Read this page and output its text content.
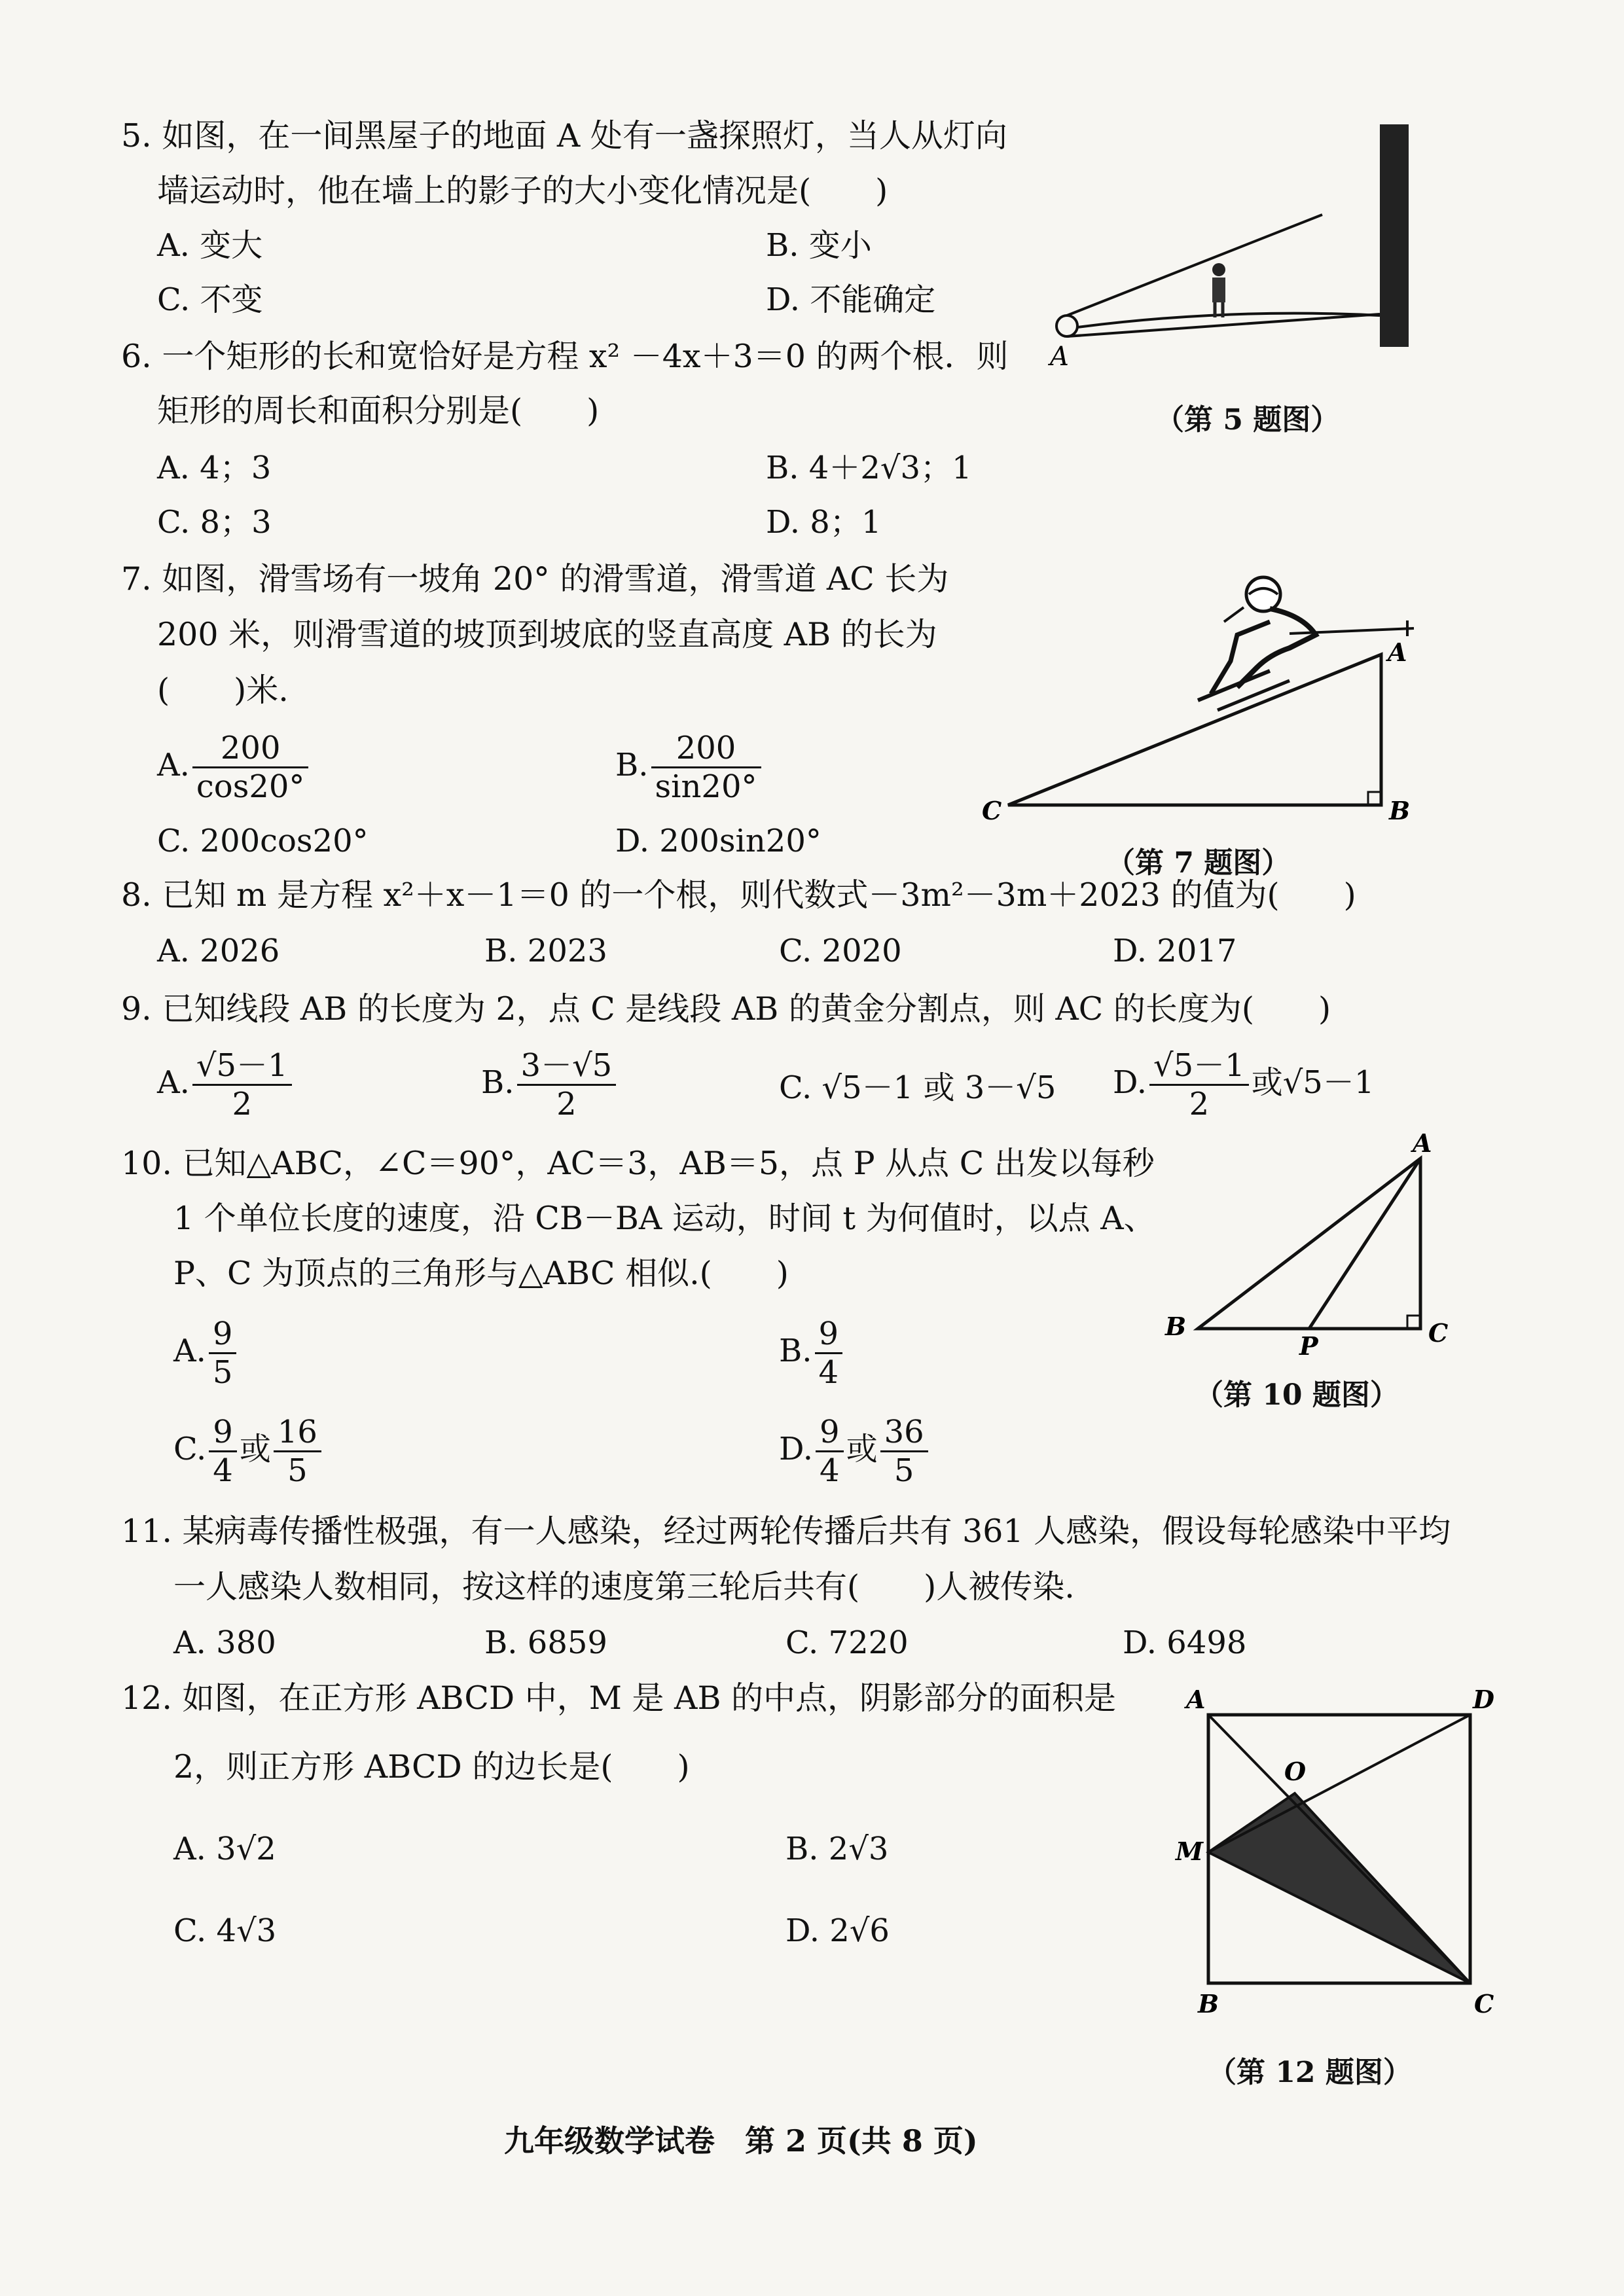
5. 如图，在一间黑屋子的地面 A 处有一盏探照灯，当人从灯向
墙运动时，他在墙上的影子的大小变化情况是(　　)
A. 变大	B. 变小
C. 不变	D. 不能确定
A
（第 5 题图）
6. 一个矩形的长和宽恰好是方程 x² －4x＋3＝0 的两个根．则
矩形的周长和面积分别是(　　)
A. 4；3	B. 4＋2√3；1
C. 8；3	D. 8；1
7. 如图，滑雪场有一坡角 20° 的滑雪道，滑雪道 AC 长为
200 米，则滑雪道的坡顶到坡底的竖直高度 AB 的长为
(　　)米.
A. $\frac{200}{\cos 20^\circ}$	B. $\frac{200}{\sin 20^\circ}$
C. 200cos20°	D. 200sin20°
A
B
C
（第 7 题图）
8. 已知 m 是方程 x²＋x－1＝0 的一个根，则代数式－3m²－3m＋2023 的值为(　　)
A. 2026	B. 2023	C. 2020	D. 2017
9. 已知线段 AB 的长度为 2，点 C 是线段 AB 的黄金分割点，则 AC 的长度为(　　)
A. $\frac{√5-1}{2}$	B. $\frac{3-√5}{2}$	C. √5－1 或 3－√5 D. $\frac{√5-1}{2}$ 或√5－1
10. 已知△ABC，∠C＝90°，AC＝3，AB＝5，点 P 从点 C 出发以每秒
1 个单位长度的速度，沿 CB－BA 运动，时间 t 为何值时，以点 A、
P、C 为顶点的三角形与△ABC 相似.(　　)
A. $\frac{9}{5}$	B. $\frac{9}{4}$
C. $\frac{9}{4}$ 或 $\frac{16}{5}$	D. $\frac{9}{4}$ 或 $\frac{36}{5}$
A
B	C
P
（第 10 题图）
11. 某病毒传播性极强，有一人感染，经过两轮传播后共有 361 人感染，假设每轮感染中平均
一人感染人数相同，按这样的速度第三轮后共有(　　)人被传染.
A. 380	B. 6859	C. 7220	D. 6498
12. 如图，在正方形 ABCD 中，M 是 AB 的中点，阴影部分的面积是
2，则正方形 ABCD 的边长是(　　)
A. 3√2	B. 2√3
C. 4√3	D. 2√6
A	D
M
O
B	C
（第 12 题图）
九年级数学试卷　第 2 页(共 8 页)
